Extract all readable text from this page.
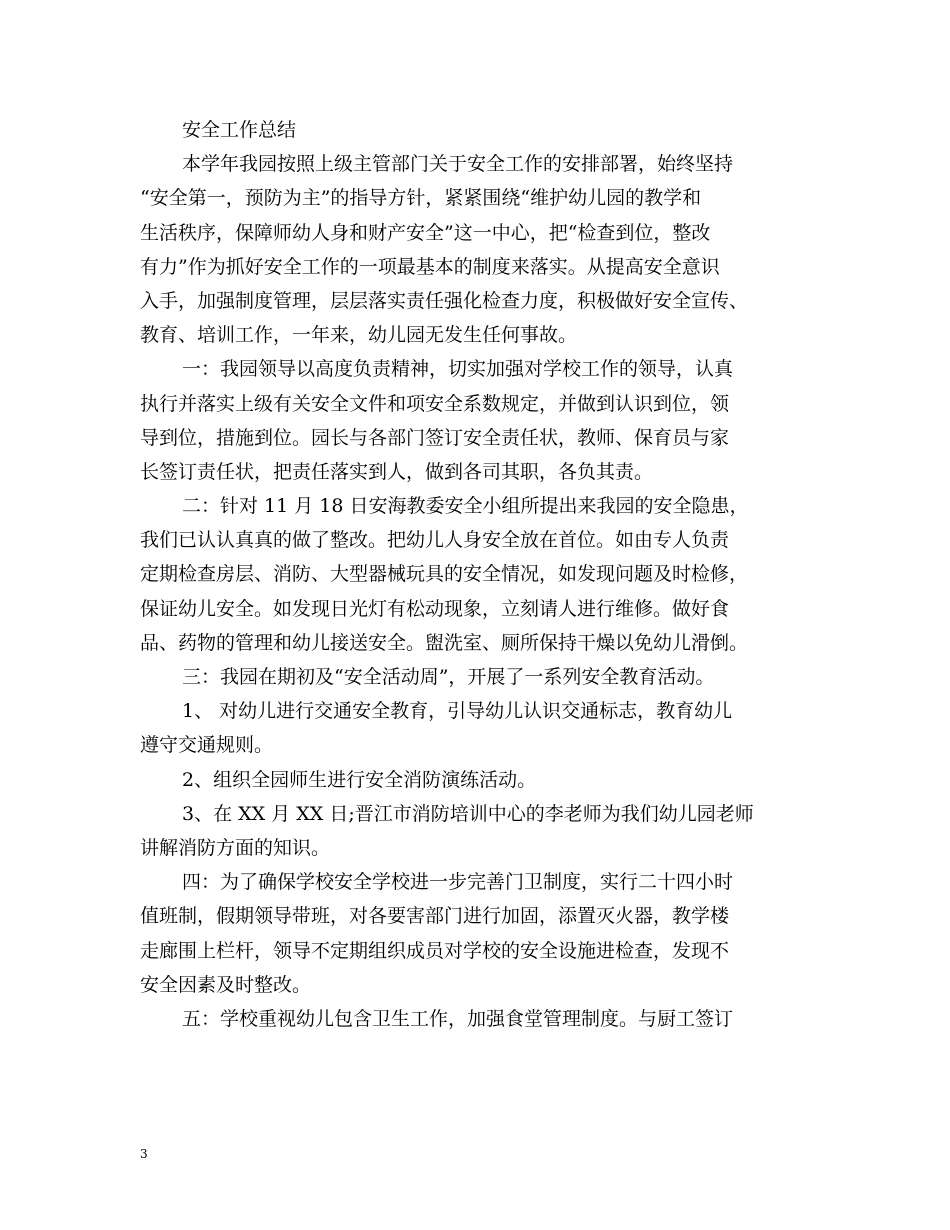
安全工作总结
本学年我园按照上级主管部门关于安全工作的安排部署，始终坚持
“安全第一，预防为主”的指导方针，紧紧围绕“维护幼儿园的教学和
生活秩序，保障师幼人身和财产安全”这一中心，把“检查到位，整改
有力”作为抓好安全工作的一项最基本的制度来落实。从提高安全意识
入手，加强制度管理，层层落实责任强化检查力度，积极做好安全宣传、
教育、培训工作，一年来，幼儿园无发生任何事故。
一：我园领导以高度负责精神，切实加强对学校工作的领导，认真
执行并落实上级有关安全文件和项安全系数规定，并做到认识到位，领
导到位，措施到位。园长与各部门签订安全责任状，教师、保育员与家
长签订责任状，把责任落实到人，做到各司其职，各负其责。
二：针对 11 月 18 日安海教委安全小组所提出来我园的安全隐患，
我们已认认真真的做了整改。把幼儿人身安全放在首位。如由专人负责
定期检查房层、消防、大型器械玩具的安全情况，如发现问题及时检修，
保证幼儿安全。如发现日光灯有松动现象，立刻请人进行维修。做好食
品、药物的管理和幼儿接送安全。盥洗室、厕所保持干燥以免幼儿滑倒。
三：我园在期初及“安全活动周”，开展了一系列安全教育活动。
1、 对幼儿进行交通安全教育，引导幼儿认识交通标志，教育幼儿
遵守交通规则。
2、组织全园师生进行安全消防演练活动。
3、在 XX 月 XX 日;晋江市消防培训中心的李老师为我们幼儿园老师
讲解消防方面的知识。
四：为了确保学校安全学校进一步完善门卫制度，实行二十四小时
值班制，假期领导带班，对各要害部门进行加固，添置灭火器，教学楼
走廊围上栏杆，领导不定期组织成员对学校的安全设施进检查，发现不
安全因素及时整改。
五：学校重视幼儿包含卫生工作，加强食堂管理制度。与厨工签订
3
